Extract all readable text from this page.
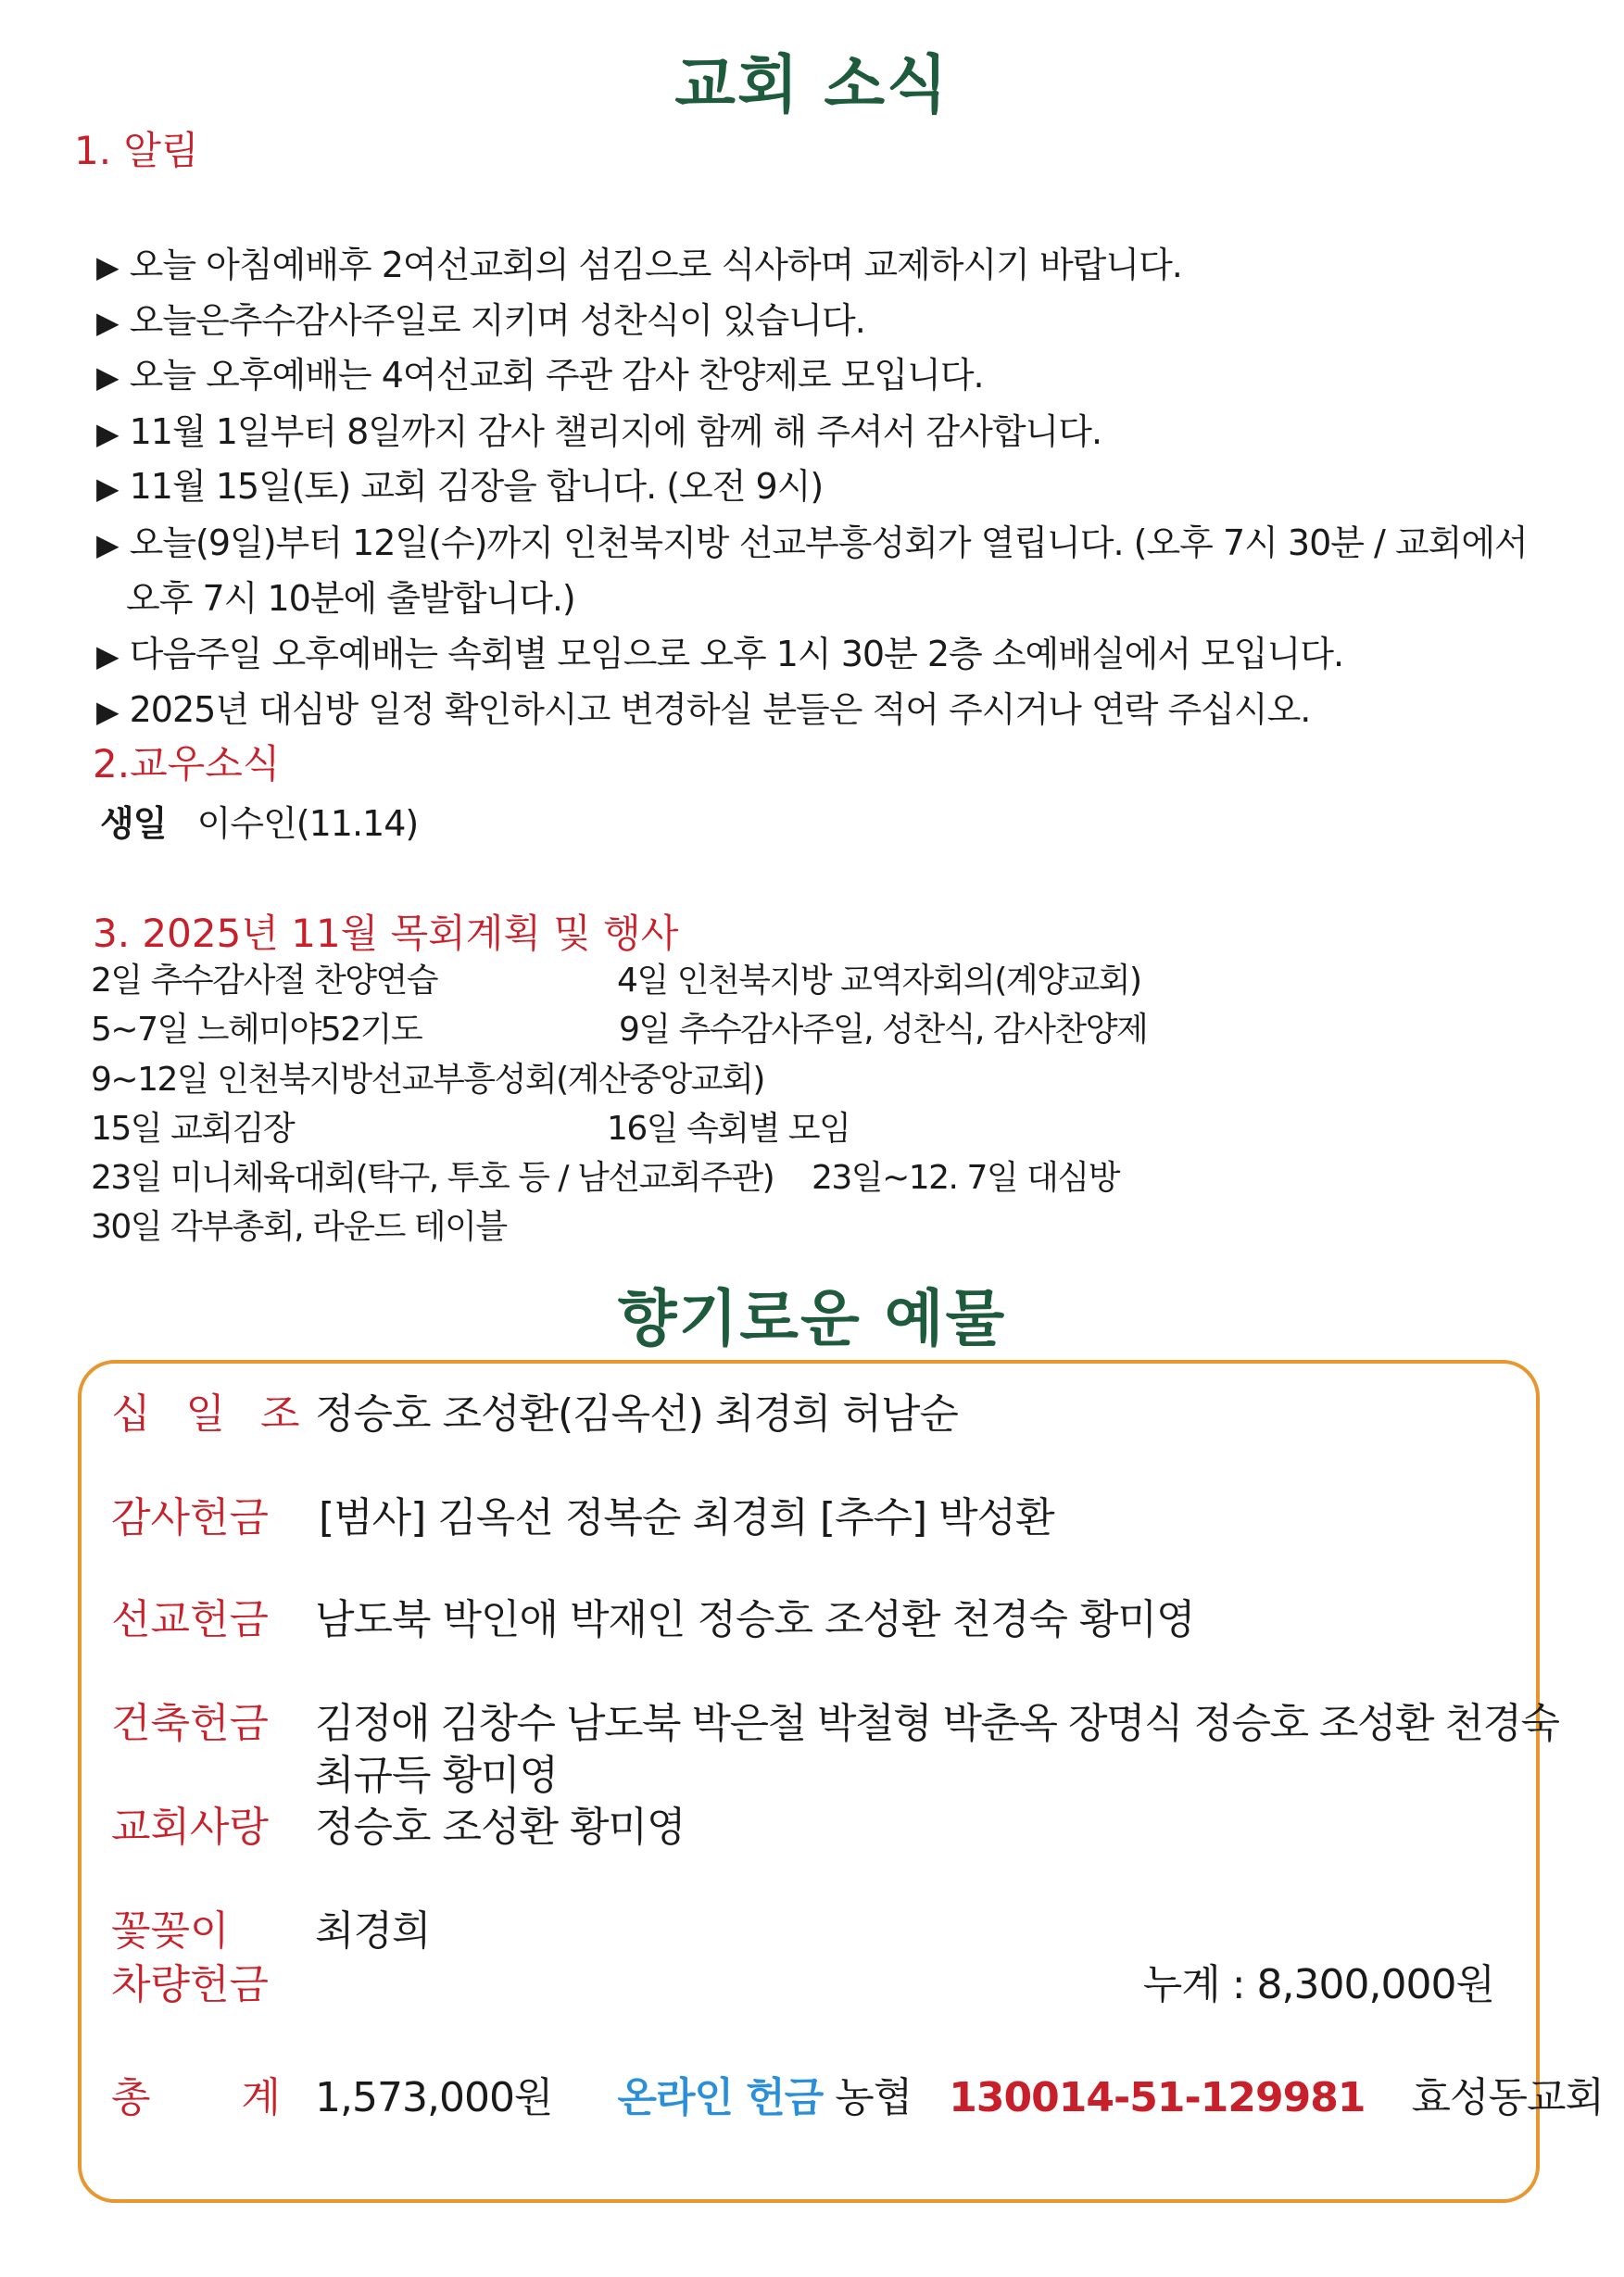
교회 소식
1. 알림
▶ 오늘 아침예배후 2여선교회의 섬김으로 식사하며 교제하시기 바랍니다.
▶ 오늘은추수감사주일로 지키며 성찬식이 있습니다.
▶ 오늘 오후예배는 4여선교회 주관 감사 찬양제로 모입니다.
▶ 11월 1일부터 8일까지 감사 챌리지에 함께 해 주셔서 감사합니다.
▶ 11월 15일(토) 교회 김장을 합니다. (오전 9시)
▶ 오늘(9일)부터 12일(수)까지 인천북지방 선교부흥성회가 열립니다. (오후 7시 30분 / 교회에서
▶ 다음주일 오후예배는 속회별 모임으로 오후 1시 30분 2층 소예배실에서 모입니다.
▶ 2025년 대심방 일정 확인하시고 변경하실 분들은 적어 주시거나 연락 주십시오.
오후 7시 10분에 출발합니다.)
2.교우소식
생일 이수인(11.14)
3. 2025년 11월 목회계획 및 행사
2일 추수감사절 찬양연습	4일 인천북지방 교역자회의(계양교회)
5~7일 느헤미야52기도	9일 추수감사주일, 성찬식, 감사찬양제
9~12일 인천북지방선교부흥성회(계산중앙교회)
15일 교회김장	16일 속회별 모임
23일 미니체육대회(탁구, 투호 등 / 남선교회주관) 23일~12. 7일 대심방
30일 각부총회, 라운드 테이블
향기로운 예물
십 일 조 정승호 조성환(김옥선) 최경희 허남순
감사헌금 [범사] 김옥선 정복순 최경희 [추수] 박성환
선교헌금 남도북 박인애 박재인 정승호 조성환 천경숙 황미영
건축헌금 김정애 김창수 남도북 박은철 박철형 박춘옥 장명식 정승호 조성환 천경숙
최규득 황미영
교회사랑 정승호 조성환 황미영
꽃꽂이 최경희
차량헌금	누계 : 8,300,000원
총       계 1,573,000원 온라인 헌금 농협 130014-51-129981 효성동교회
